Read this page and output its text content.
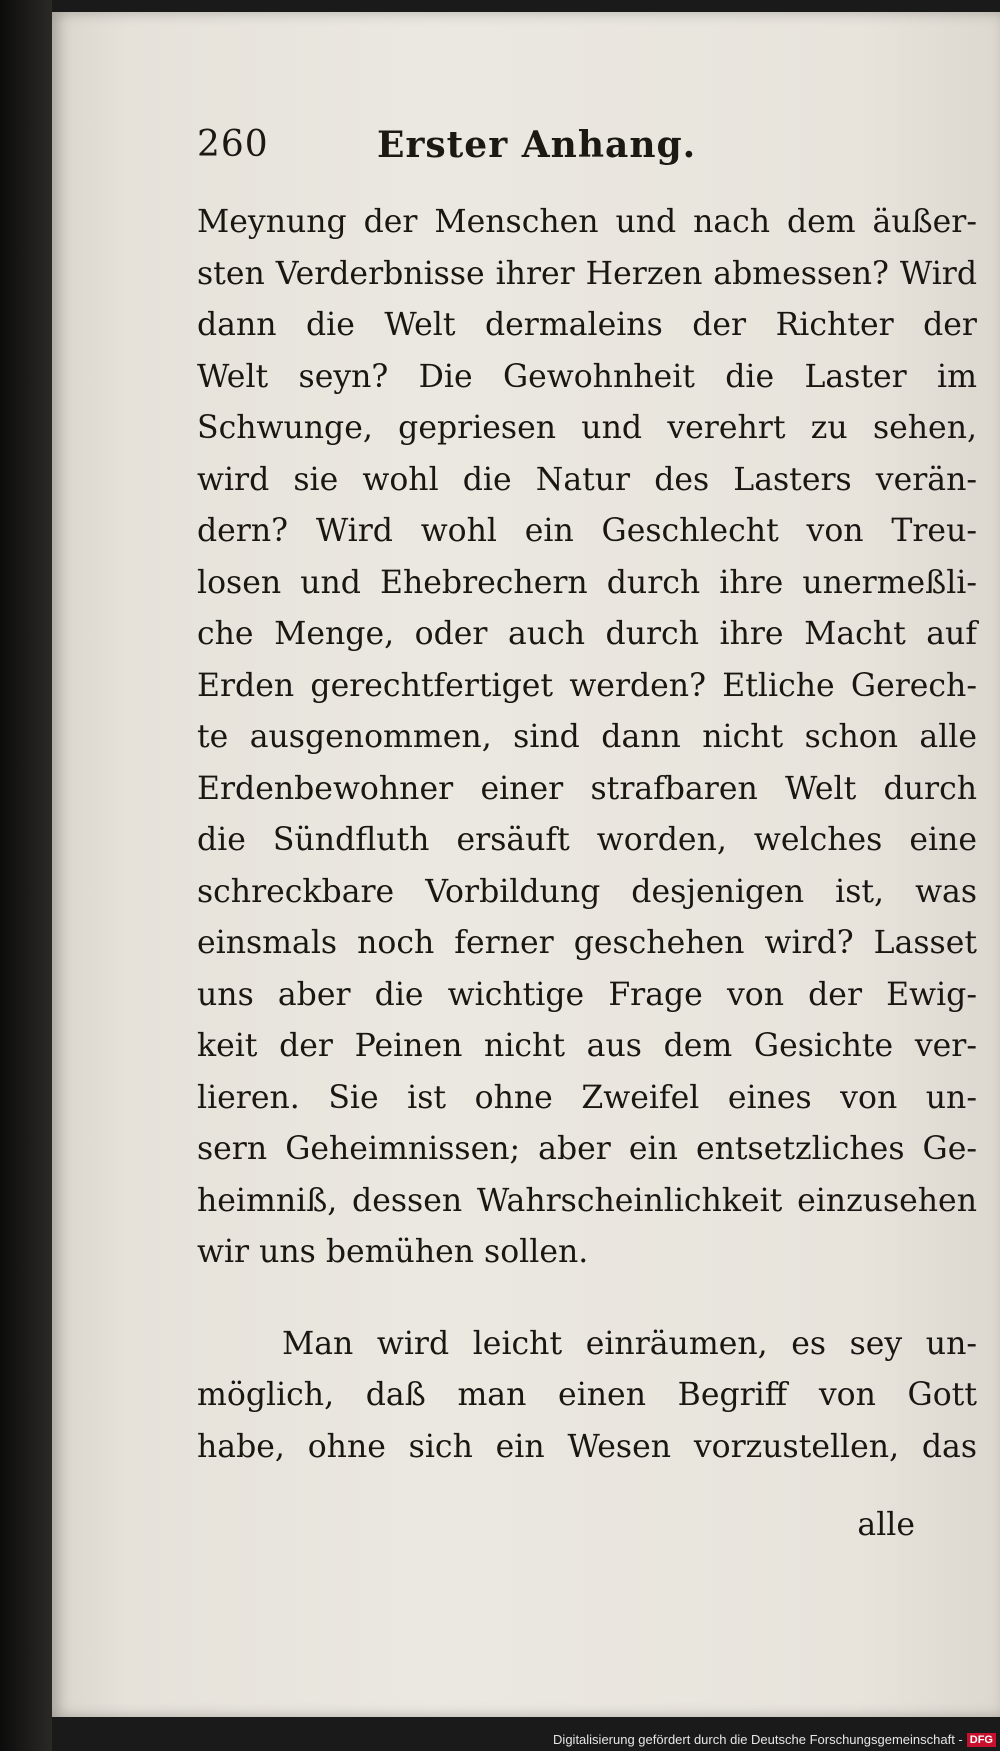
260	Erster Anhang.
Meynung der Menschen und nach dem äußer-
sten Verderbnisse ihrer Herzen abmessen? Wird
dann die Welt dermaleins der Richter der
Welt seyn? Die Gewohnheit die Laster im
Schwunge, gepriesen und verehrt zu sehen,
wird sie wohl die Natur des Lasters verän-
dern? Wird wohl ein Geschlecht von Treu-
losen und Ehebrechern durch ihre unermeßli-
che Menge, oder auch durch ihre Macht auf
Erden gerechtfertiget werden? Etliche Gerech-
te ausgenommen, sind dann nicht schon alle
Erdenbewohner einer strafbaren Welt durch
die Sündfluth ersäuft worden, welches eine
schreckbare Vorbildung desjenigen ist, was
einsmals noch ferner geschehen wird? Lasset
uns aber die wichtige Frage von der Ewig-
keit der Peinen nicht aus dem Gesichte ver-
lieren. Sie ist ohne Zweifel eines von un-
sern Geheimnissen; aber ein entsetzliches Ge-
heimniß, dessen Wahrscheinlichkeit einzusehen
wir uns bemühen sollen.
Man wird leicht einräumen, es sey un-
möglich, daß man einen Begriff von Gott
habe, ohne sich ein Wesen vorzustellen, das
alle
Digitalisierung gefördert durch die Deutsche Forschungsgemeinschaft - DFG
